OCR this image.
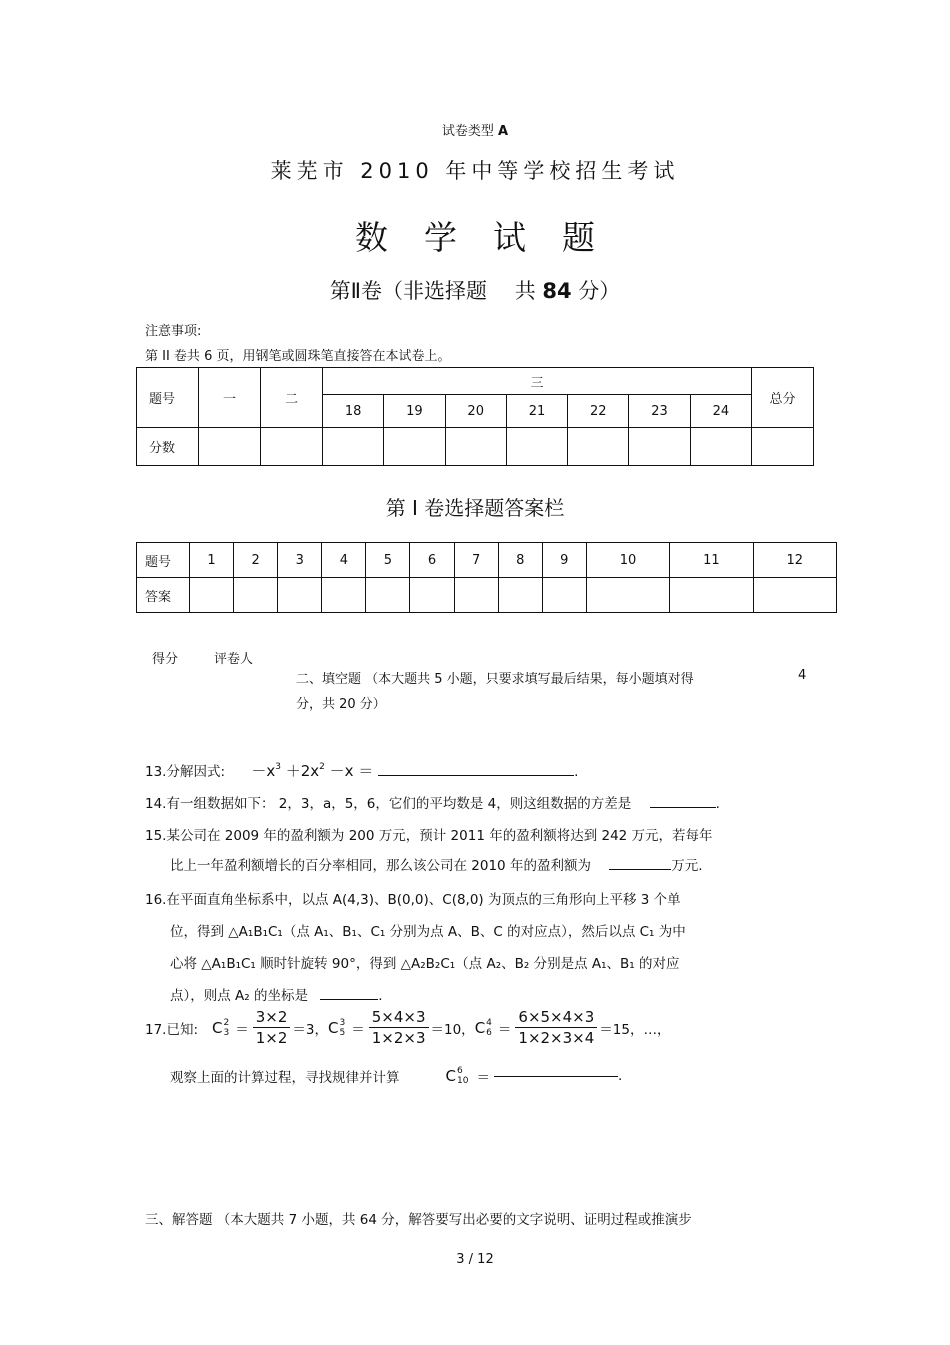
试卷类型 A
莱芜市 2010 年中等学校招生考试
数学试题
第Ⅱ卷（非选择题　 共 84 分）
注意事项:
第 II 卷共 6 页，用钢笔或圆珠笔直接答在本试卷上。
题号	一	二	三							总分
			18	19	20	21	22	23	24	
分数										
第 I 卷选择题答案栏
题号	1	2	3	4	5	6	7	8	9	10	11	12
答案												
得分	评卷人
二、填空题 （本大题共 5 小题，只要求填写最后结果，每小题填对得	4
分，共 20 分）
13.分解因式: $-x^3 +2x^2 -x$ ＝	.
14.有一组数据如下： 2，3，a，5，6，它们的平均数是 4，则这组数据的方差是	.
15.某公司在 2009 年的盈利额为 200 万元，预计 2011 年的盈利额将达到 242 万元，若每年
比上一年盈利额增长的百分率相同，那么该公司在 2010 年的盈利额为	万元.
16.在平面直角坐标系中，以点 A(4,3)、B(0,0)、C(8,0) 为顶点的三角形向上平移 3 个单
位，得到 △A₁B₁C₁（点 A₁、B₁、C₁ 分别为点 A、B、C 的对应点），然后以点 C₁ 为中
心将 △A₁B₁C₁ 顺时针旋转 90°，得到 △A₂B₂C₁（点 A₂、B₂ 分别是点 A₁、B₁ 的对应
点），则点 A₂ 的坐标是	.
17.已知: C 2
$3 = \frac{3\times 2}{1\times 2} =3$， C 3
$5 = \frac{5\times 4\times 3}{1\times 2\times 3} =10$， C 4
$6 = \frac{6\times 5\times 4\times 3}{1\times 2\times 3\times 4} =15$，…，
观察上面的计算过程，寻找规律并计算	C 6
10 ＝	.
三、解答题 （本大题共 7 小题，共 64 分，解答要写出必要的文字说明、证明过程或推演步
3 / 12
